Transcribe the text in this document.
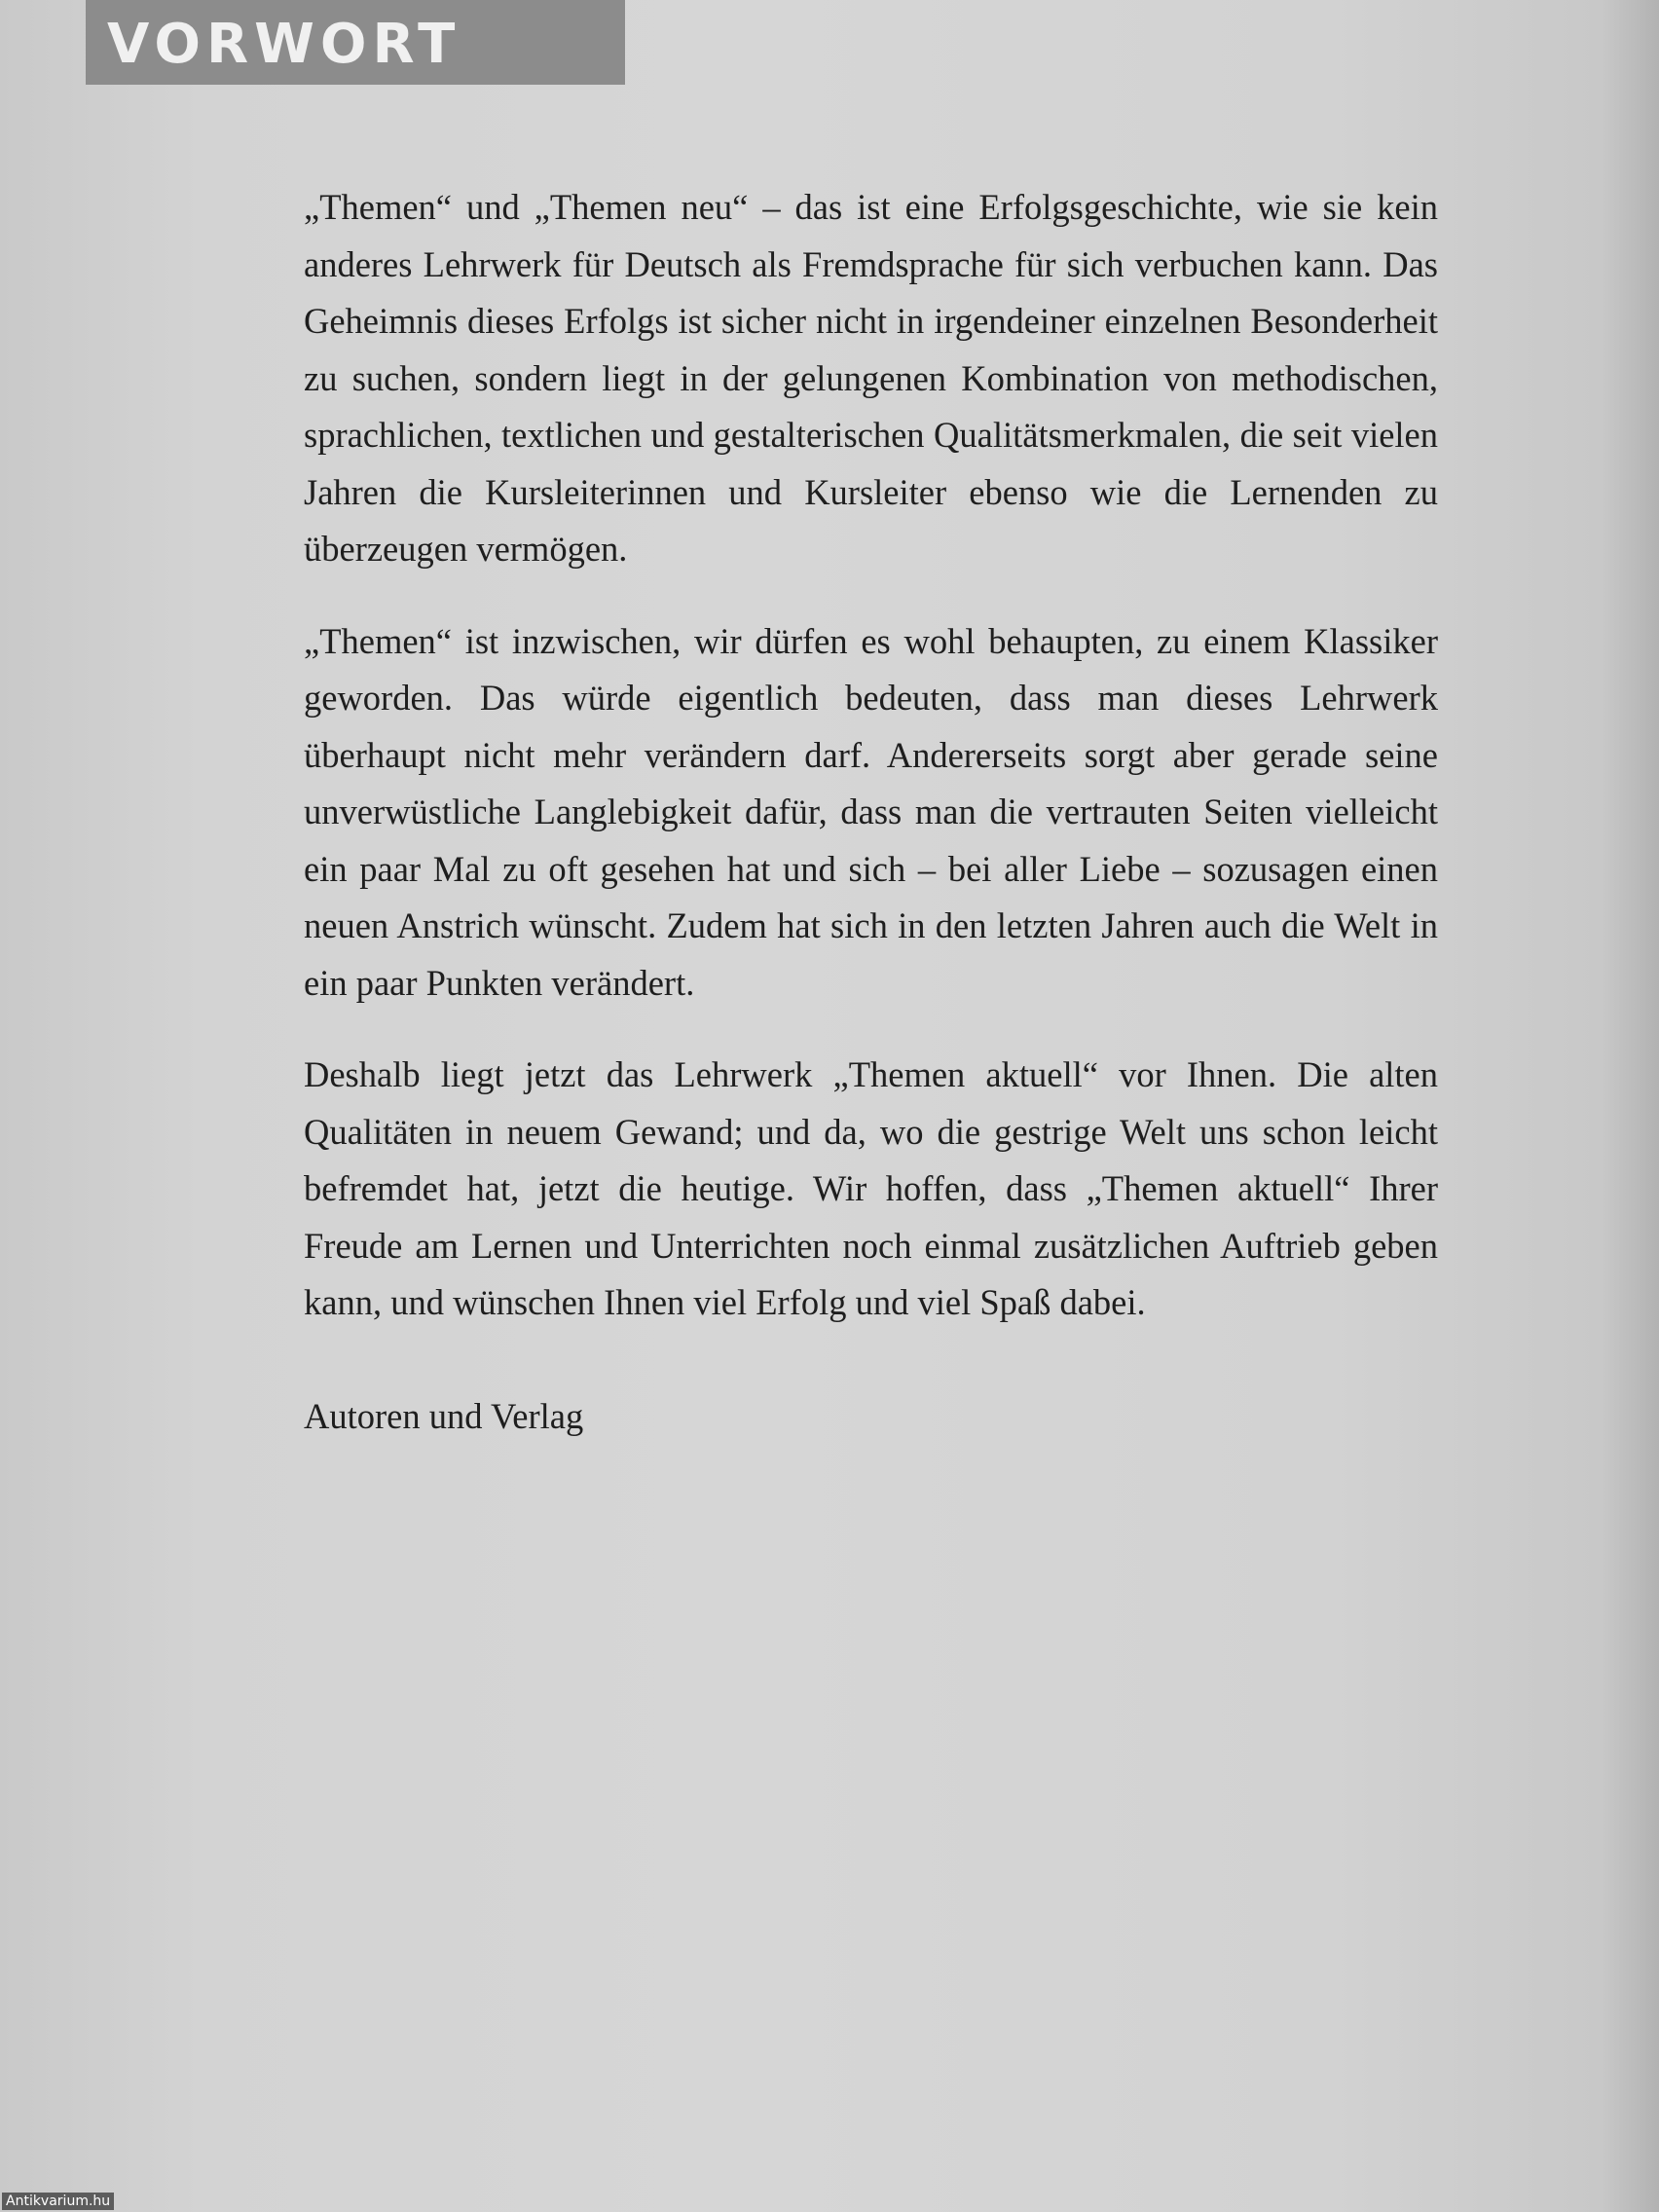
VORWORT

„Themen“ und „Themen neu“ – das ist eine Erfolgsgeschichte, wie sie kein anderes Lehrwerk für Deutsch als Fremdsprache für sich verbuchen kann. Das Geheimnis dieses Erfolgs ist sicher nicht in irgendeiner einzelnen Besonderheit zu suchen, sondern liegt in der gelungenen Kombination von methodischen, sprachlichen, textlichen und gestalterischen Qualitätsmerkmalen, die seit vielen Jahren die Kursleiterinnen und Kursleiter ebenso wie die Lernenden zu überzeugen vermögen.

„Themen“ ist inzwischen, wir dürfen es wohl behaupten, zu einem Klassiker geworden. Das würde eigentlich bedeuten, dass man dieses Lehrwerk überhaupt nicht mehr verändern darf. Andererseits sorgt aber gerade seine unverwüstliche Langlebigkeit dafür, dass man die vertrauten Seiten vielleicht ein paar Mal zu oft gesehen hat und sich – bei aller Liebe – sozusagen einen neuen Anstrich wünscht. Zudem hat sich in den letzten Jahren auch die Welt in ein paar Punkten verändert.

Deshalb liegt jetzt das Lehrwerk „Themen aktuell“ vor Ihnen. Die alten Qualitäten in neuem Gewand; und da, wo die gestrige Welt uns schon leicht befremdet hat, jetzt die heutige. Wir hoffen, dass „Themen aktuell“ Ihrer Freude am Lernen und Unterrichten noch einmal zusätzlichen Auftrieb geben kann, und wünschen Ihnen viel Erfolg und viel Spaß dabei.

Autoren und Verlag

Antikvarium.hu
